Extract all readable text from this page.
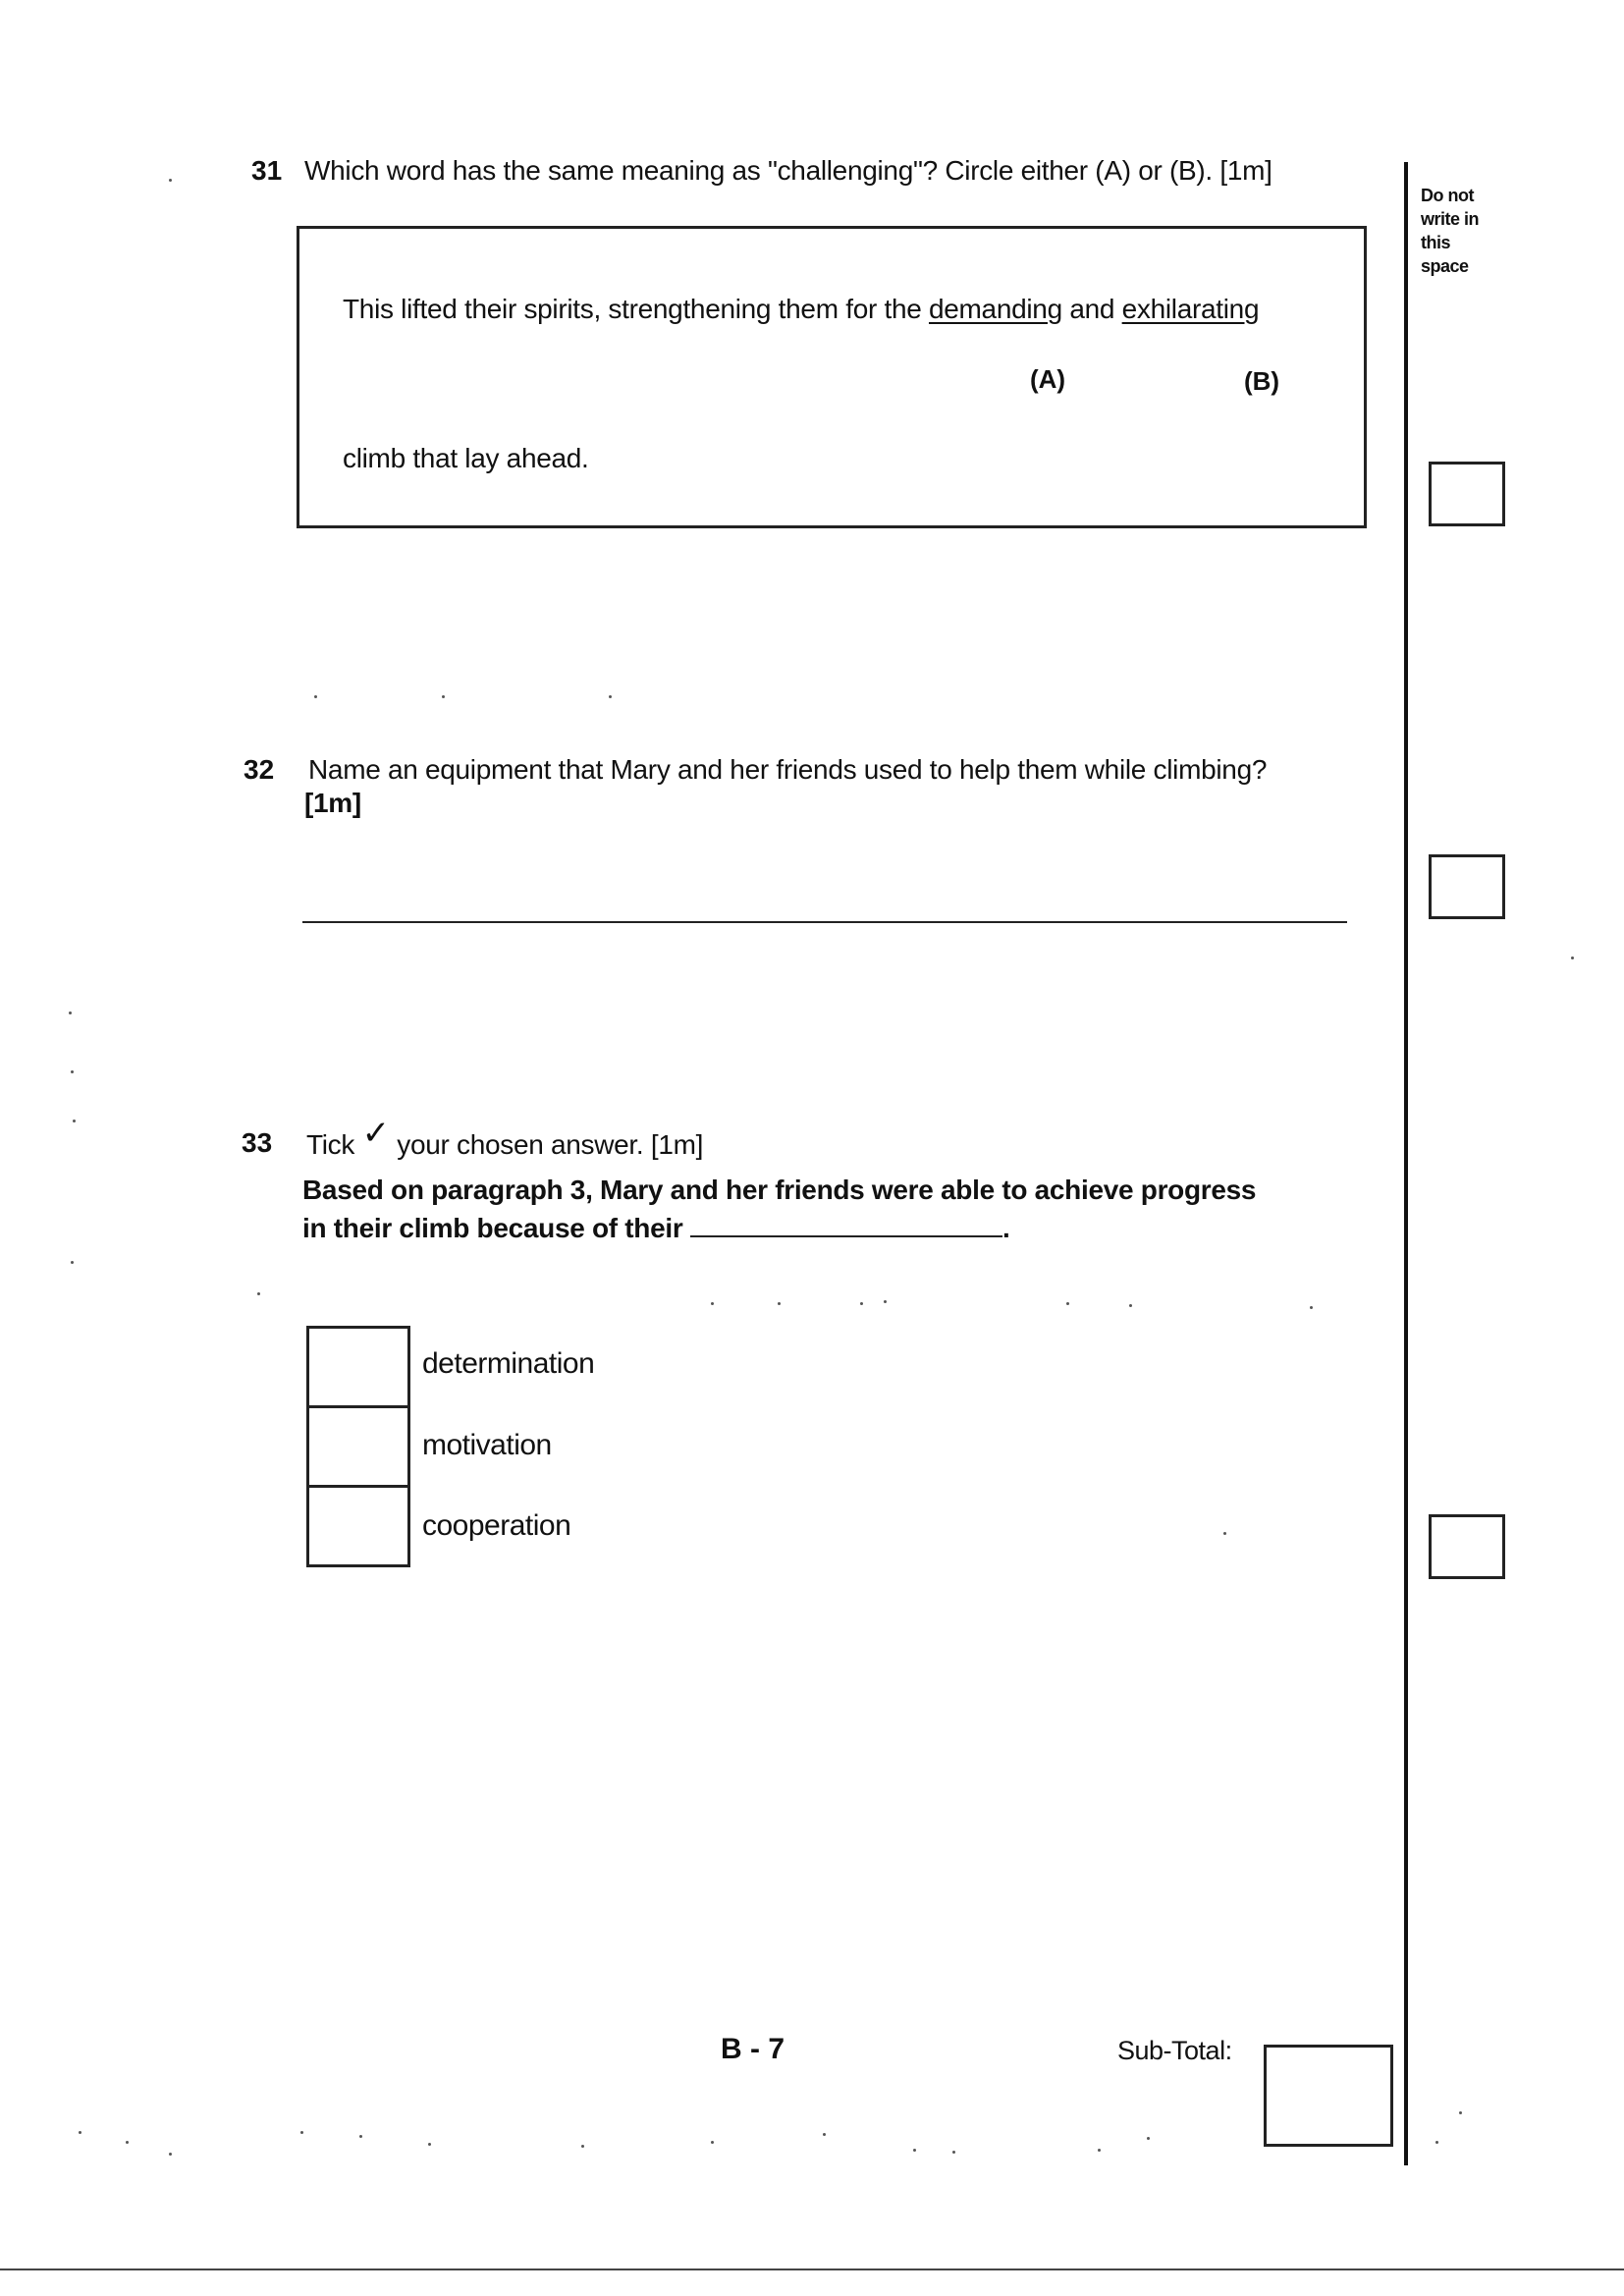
Do not write in this space
31 Which word has the same meaning as "challenging"? Circle either (A) or (B). [1m]
This lifted their spirits, strengthening them for the demanding and exhilarating
(A)	(B)
climb that lay ahead.
32 Name an equipment that Mary and her friends used to help them while climbing?
[1m]
33 Tick ✓ your chosen answer. [1m]
Based on paragraph 3, Mary and her friends were able to achieve progress
in their climb because of their	.
determination
motivation
cooperation
B - 7	Sub-Total:
